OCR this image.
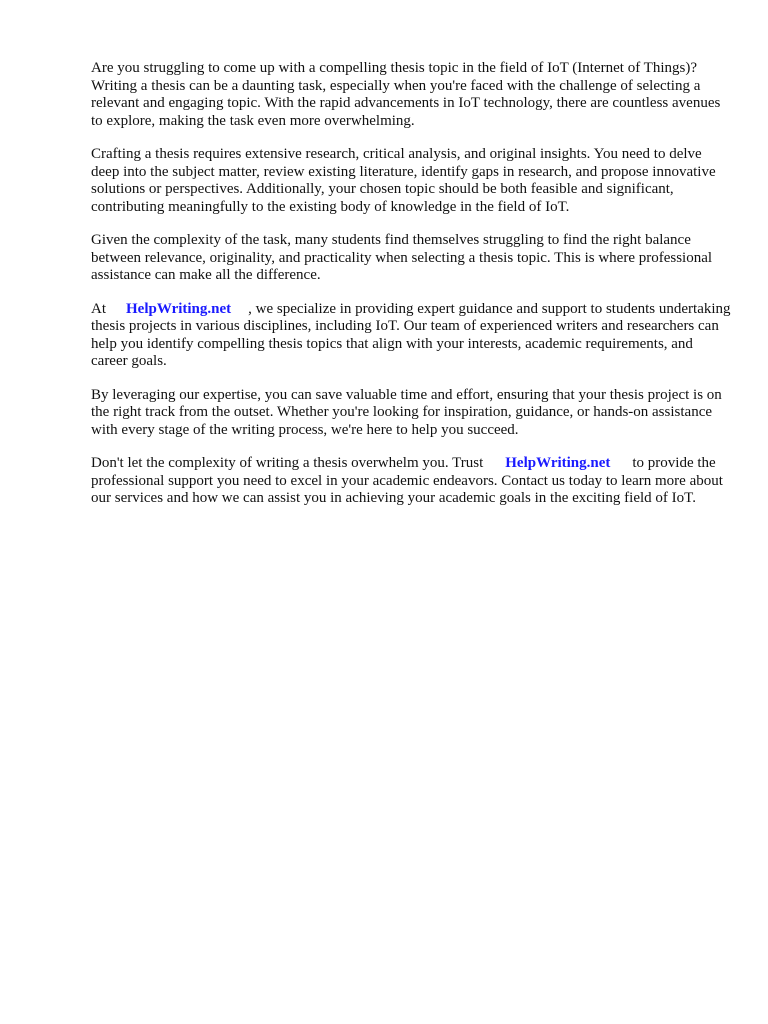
Are you struggling to come up with a compelling thesis topic in the field of IoT (Internet of Things)? Writing a thesis can be a daunting task, especially when you're faced with the challenge of selecting a relevant and engaging topic. With the rapid advancements in IoT technology, there are countless avenues to explore, making the task even more overwhelming.

Crafting a thesis requires extensive research, critical analysis, and original insights. You need to delve deep into the subject matter, review existing literature, identify gaps in research, and propose innovative solutions or perspectives. Additionally, your chosen topic should be both feasible and significant, contributing meaningfully to the existing body of knowledge in the field of IoT.

Given the complexity of the task, many students find themselves struggling to find the right balance between relevance, originality, and practicality when selecting a thesis topic. This is where professional assistance can make all the difference.

At HelpWriting.net , we specialize in providing expert guidance and support to students undertaking thesis projects in various disciplines, including IoT. Our team of experienced writers and researchers can help you identify compelling thesis topics that align with your interests, academic requirements, and career goals.

By leveraging our expertise, you can save valuable time and effort, ensuring that your thesis project is on the right track from the outset. Whether you're looking for inspiration, guidance, or hands-on assistance with every stage of the writing process, we're here to help you succeed.

Don't let the complexity of writing a thesis overwhelm you. Trust HelpWriting.net to provide the professional support you need to excel in your academic endeavors. Contact us today to learn more about our services and how we can assist you in achieving your academic goals in the exciting field of IoT.
